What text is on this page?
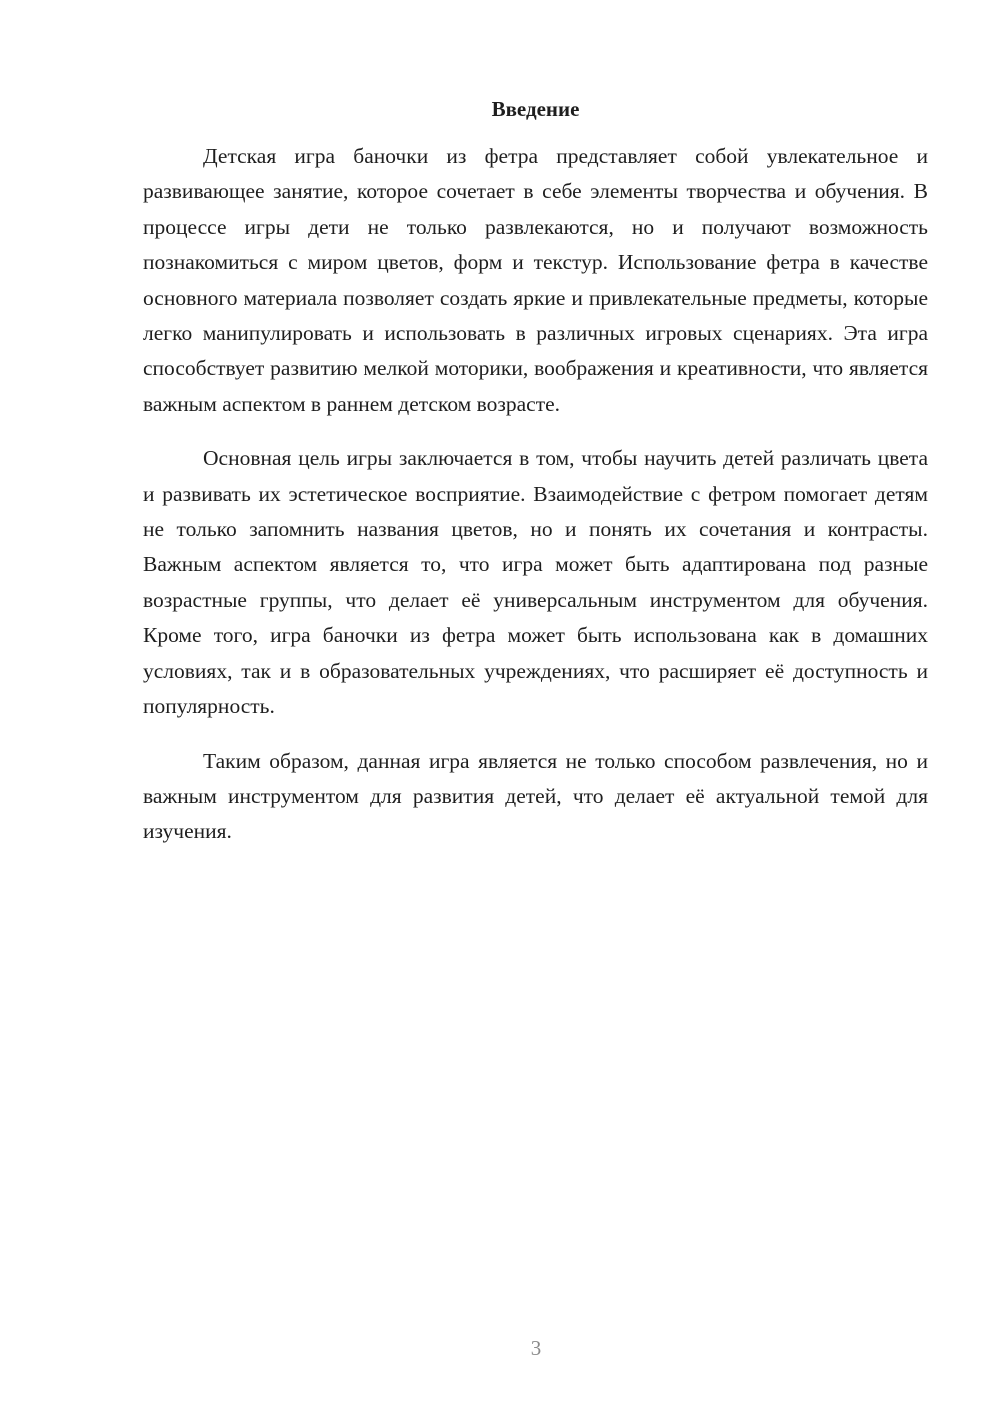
Введение

Детская игра баночки из фетра представляет собой увлекательное и развивающее занятие, которое сочетает в себе элементы творчества и обучения. В процессе игры дети не только развлекаются, но и получают возможность познакомиться с миром цветов, форм и текстур. Использование фетра в качестве основного материала позволяет создать яркие и привлекательные предметы, которые легко манипулировать и использовать в различных игровых сценариях. Эта игра способствует развитию мелкой моторики, воображения и креативности, что является важным аспектом в раннем детском возрасте.

Основная цель игры заключается в том, чтобы научить детей различать цвета и развивать их эстетическое восприятие. Взаимодействие с фетром помогает детям не только запомнить названия цветов, но и понять их сочетания и контрасты. Важным аспектом является то, что игра может быть адаптирована под разные возрастные группы, что делает её универсальным инструментом для обучения. Кроме того, игра баночки из фетра может быть использована как в домашних условиях, так и в образовательных учреждениях, что расширяет её доступность и популярность.

Таким образом, данная игра является не только способом развлечения, но и важным инструментом для развития детей, что делает её актуальной темой для изучения.

3
